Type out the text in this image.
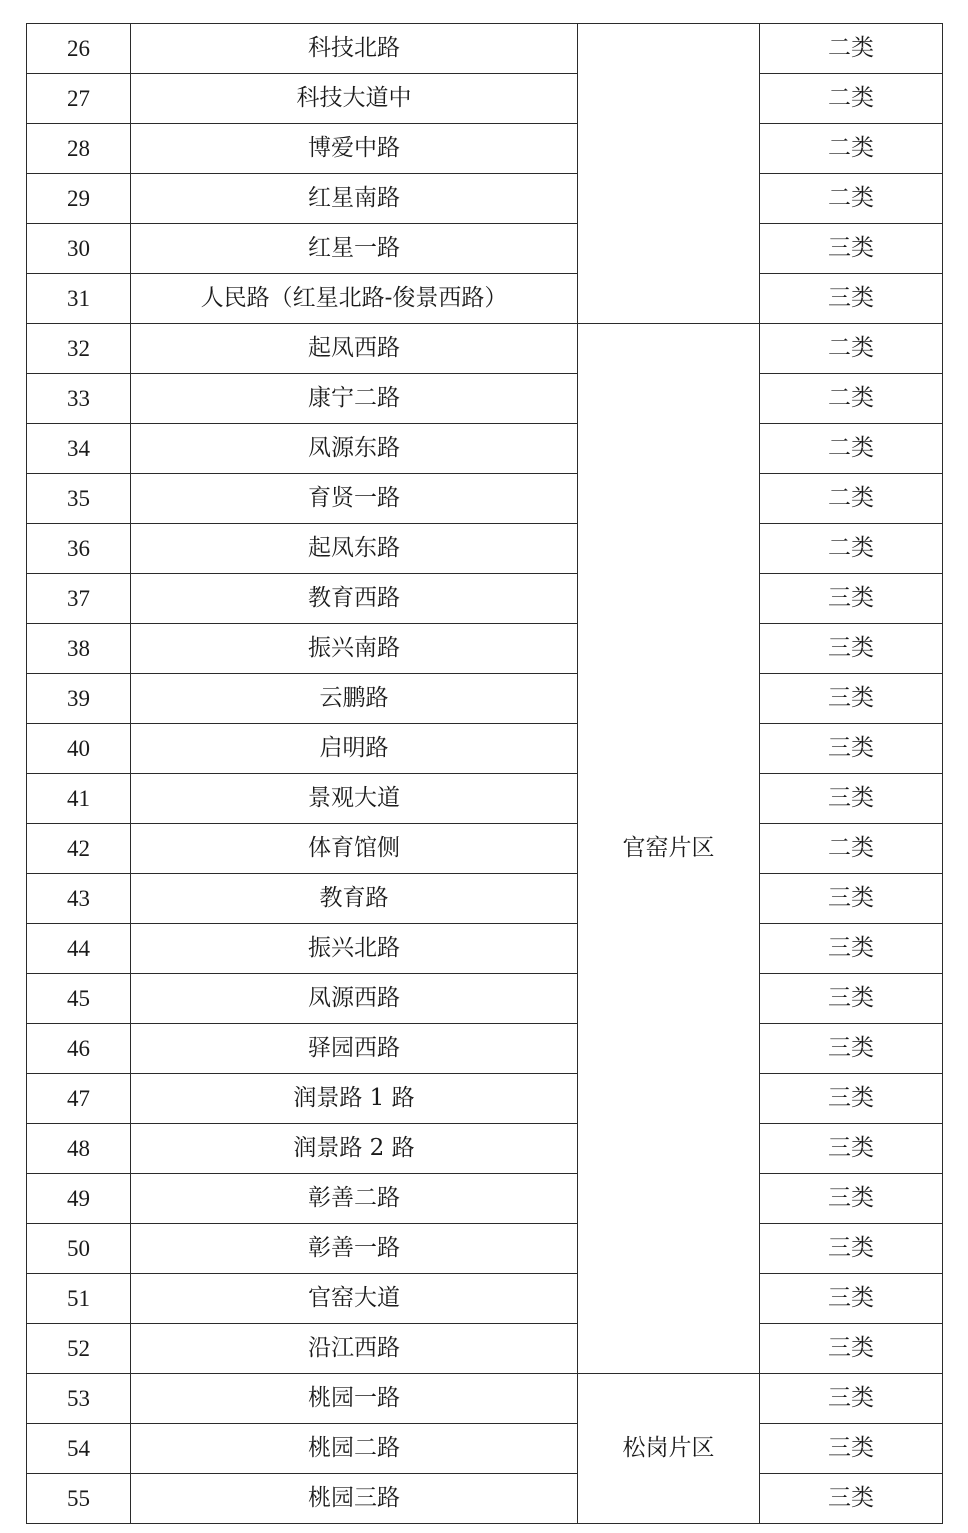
26	科技北路		二类
27	科技大道中		二类
28	博爱中路		二类
29	红星南路		二类
30	红星一路		三类
31	人民路（红星北路-俊景西路）		三类
32	起凤西路	官窑片区	二类
33	康宁二路		二类
34	凤源东路		二类
35	育贤一路		二类
36	起凤东路		二类
37	教育西路		三类
38	振兴南路		三类
39	云鹏路		三类
40	启明路		三类
41	景观大道		三类
42	体育馆侧		二类
43	教育路		三类
44	振兴北路		三类
45	凤源西路		三类
46	驿园西路		三类
47	润景路 1 路		三类
48	润景路 2 路		三类
49	彰善二路		三类
50	彰善一路		三类
51	官窑大道		三类
52	沿江西路		三类
53	桃园一路	松岗片区	三类
54	桃园二路		三类
55	桃园三路		三类
